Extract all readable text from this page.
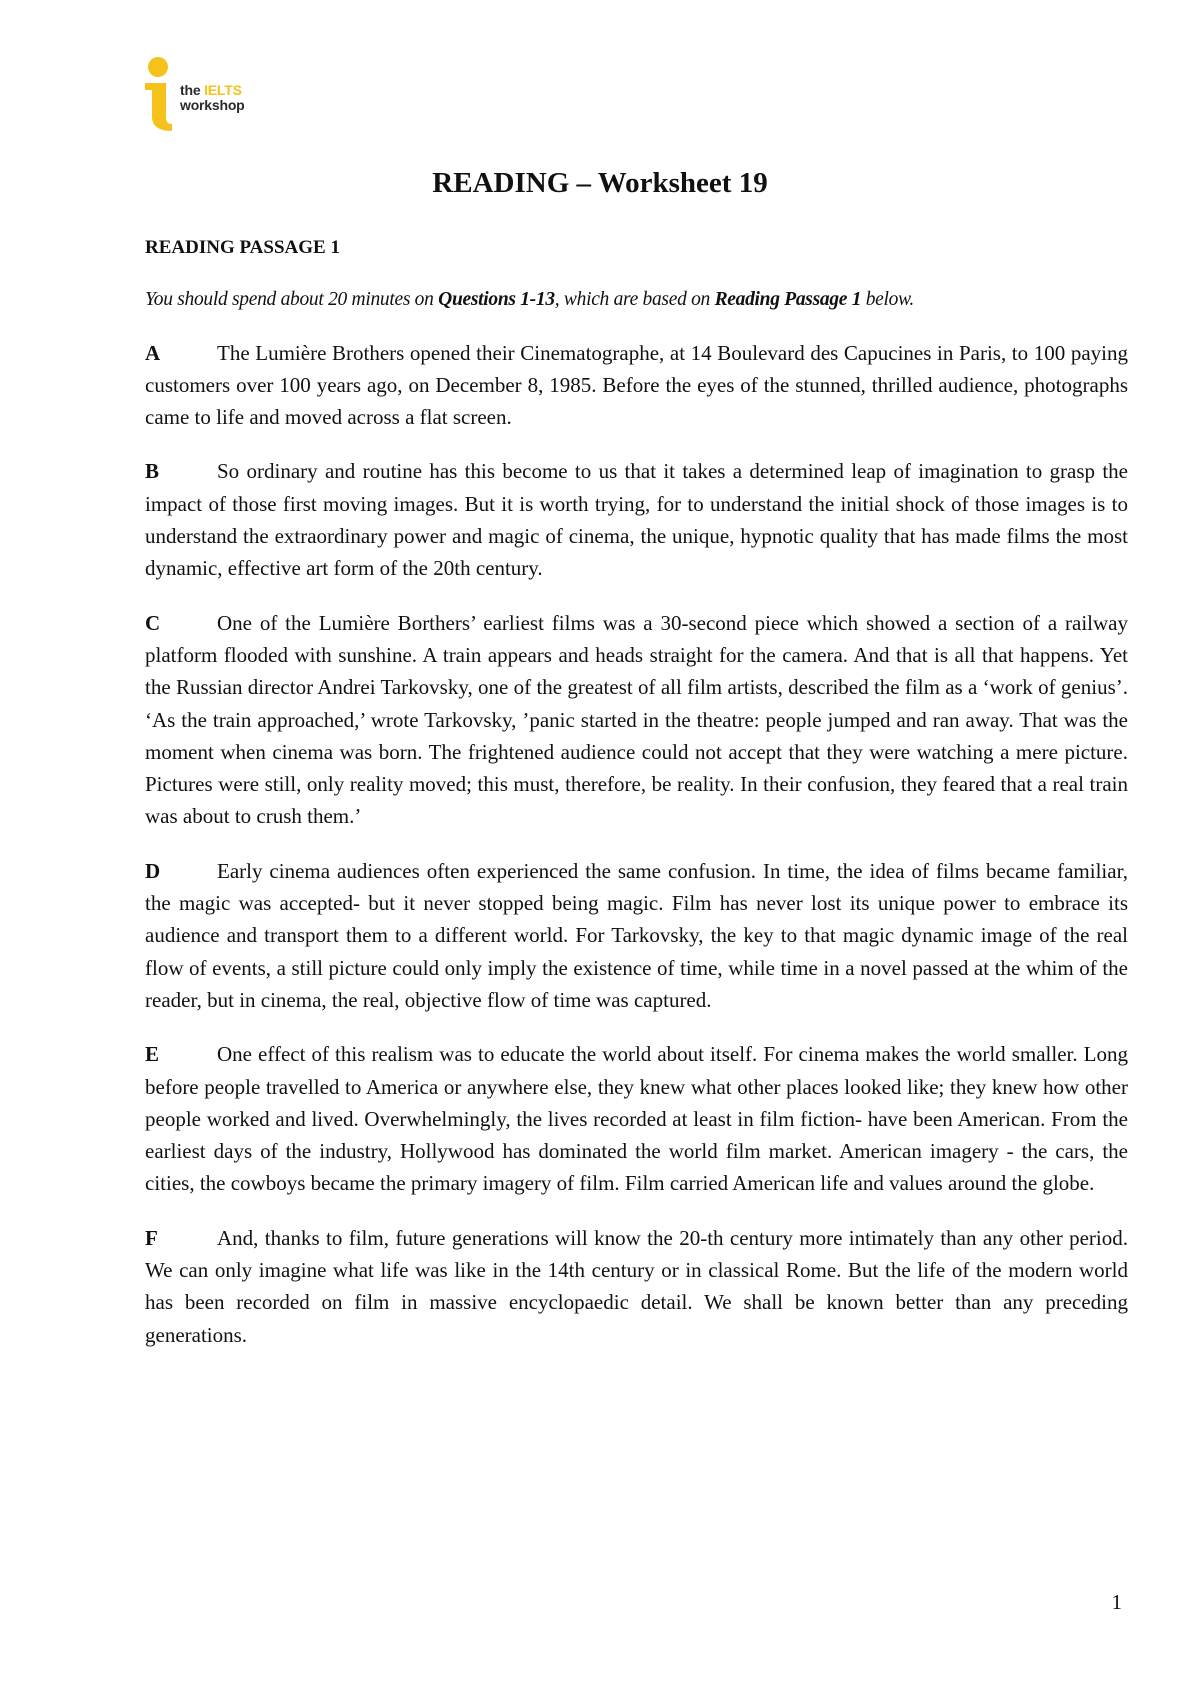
the IELTS
workshop
READING – Worksheet 19
READING PASSAGE 1
You should spend about 20 minutes on Questions 1-13, which are based on Reading Passage 1 below.
A	The Lumière Brothers opened their Cinematographe, at 14 Boulevard des Capucines in Paris, to 100 paying customers over 100 years ago, on December 8, 1985. Before the eyes of the stunned, thrilled audience, photographs came to life and moved across a flat screen.
B	So ordinary and routine has this become to us that it takes a determined leap of imagination to grasp the impact of those first moving images. But it is worth trying, for to understand the initial shock of those images is to understand the extraordinary power and magic of cinema, the unique, hypnotic quality that has made films the most dynamic, effective art form of the 20th century.
C	One of the Lumière Borthers’ earliest films was a 30-second piece which showed a section of a railway platform flooded with sunshine. A train appears and heads straight for the camera. And that is all that happens. Yet the Russian director Andrei Tarkovsky, one of the greatest of all film artists, described the film as a ‘work of genius’. ‘As the train approached,’ wrote Tarkovsky, ’panic started in the theatre: people jumped and ran away. That was the moment when cinema was born. The frightened audience could not accept that they were watching a mere picture. Pictures were still, only reality moved; this must, therefore, be reality. In their confusion, they feared that a real train was about to crush them.’
D	Early cinema audiences often experienced the same confusion. In time, the idea of films became familiar, the magic was accepted- but it never stopped being magic. Film has never lost its unique power to embrace its audience and transport them to a different world. For Tarkovsky, the key to that magic dynamic image of the real flow of events, a still picture could only imply the existence of time, while time in a novel passed at the whim of the reader, but in cinema, the real, objective flow of time was captured.
E	One effect of this realism was to educate the world about itself. For cinema makes the world smaller. Long before people travelled to America or anywhere else, they knew what other places looked like; they knew how other people worked and lived. Overwhelmingly, the lives recorded at least in film fiction- have been American. From the earliest days of the industry, Hollywood has dominated the world film market. American imagery - the cars, the cities, the cowboys became the primary imagery of film. Film carried American life and values around the globe.
F	And, thanks to film, future generations will know the 20-th century more intimately than any other period. We can only imagine what life was like in the 14th century or in classical Rome. But the life of the modern world has been recorded on film in massive encyclopaedic detail. We shall be known better than any preceding generations.
1
